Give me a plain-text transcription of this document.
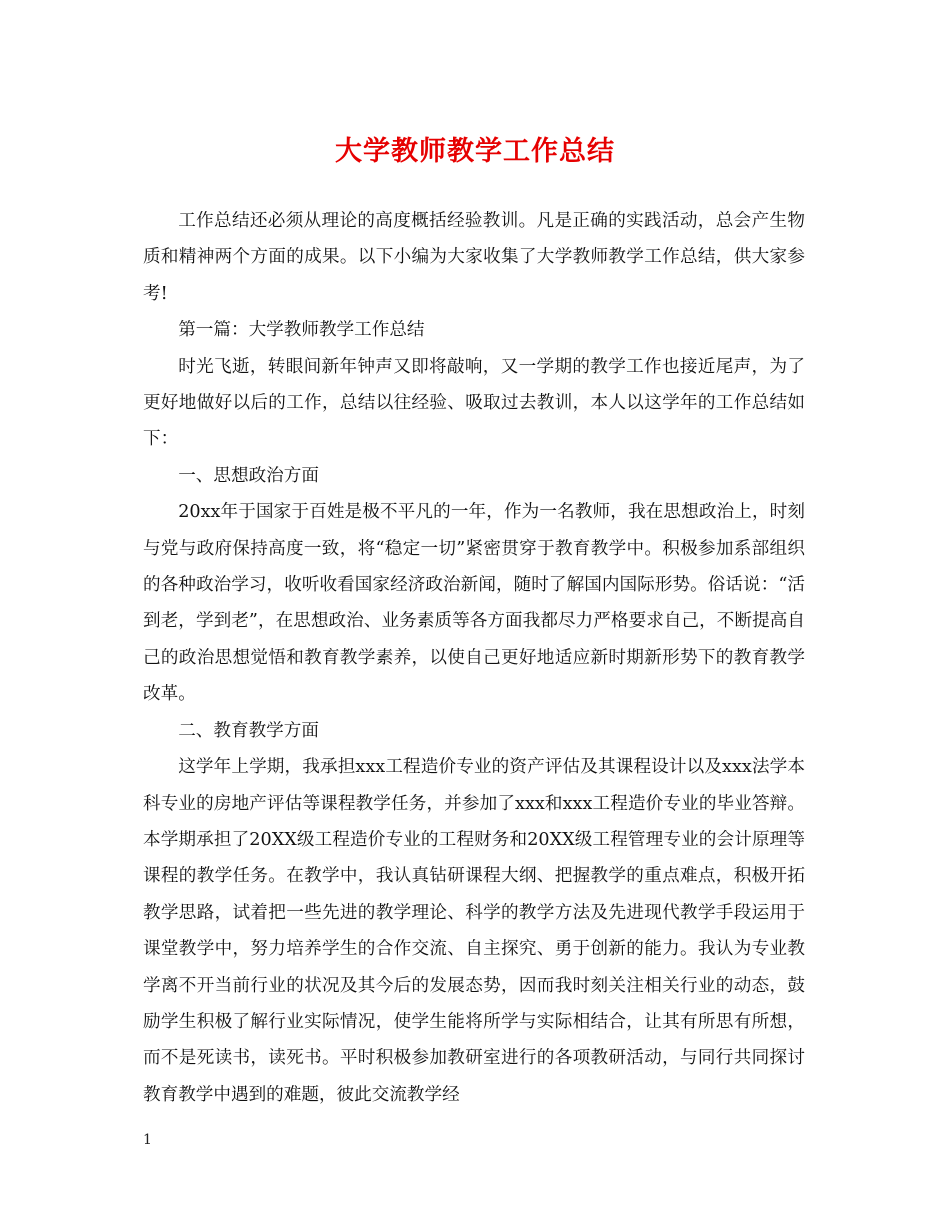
大学教师教学工作总结

工作总结还必须从理论的高度概括经验教训。凡是正确的实践活动，总会产生物质和精神两个方面的成果。以下小编为大家收集了大学教师教学工作总结，供大家参考!

第一篇：大学教师教学工作总结

时光飞逝，转眼间新年钟声又即将敲响，又一学期的教学工作也接近尾声，为了更好地做好以后的工作，总结以往经验、吸取过去教训，本人以这学年的工作总结如下：

一、思想政治方面

20xx年于国家于百姓是极不平凡的一年，作为一名教师，我在思想政治上，时刻与党与政府保持高度一致，将“稳定一切”紧密贯穿于教育教学中。积极参加系部组织的各种政治学习，收听收看国家经济政治新闻，随时了解国内国际形势。俗话说：“活到老，学到老”，在思想政治、业务素质等各方面我都尽力严格要求自己，不断提高自己的政治思想觉悟和教育教学素养，以使自己更好地适应新时期新形势下的教育教学改革。

二、教育教学方面

这学年上学期，我承担xxx工程造价专业的资产评估及其课程设计以及xxx法学本科专业的房地产评估等课程教学任务，并参加了xxx和xxx工程造价专业的毕业答辩。本学期承担了20XX级工程造价专业的工程财务和20XX级工程管理专业的会计原理等课程的教学任务。在教学中，我认真钻研课程大纲、把握教学的重点难点，积极开拓教学思路，试着把一些先进的教学理论、科学的教学方法及先进现代教学手段运用于课堂教学中，努力培养学生的合作交流、自主探究、勇于创新的能力。我认为专业教学离不开当前行业的状况及其今后的发展态势，因而我时刻关注相关行业的动态，鼓励学生积极了解行业实际情况，使学生能将所学与实际相结合，让其有所思有所想，而不是死读书，读死书。平时积极参加教研室进行的各项教研活动，与同行共同探讨教育教学中遇到的难题，彼此交流教学经

1
